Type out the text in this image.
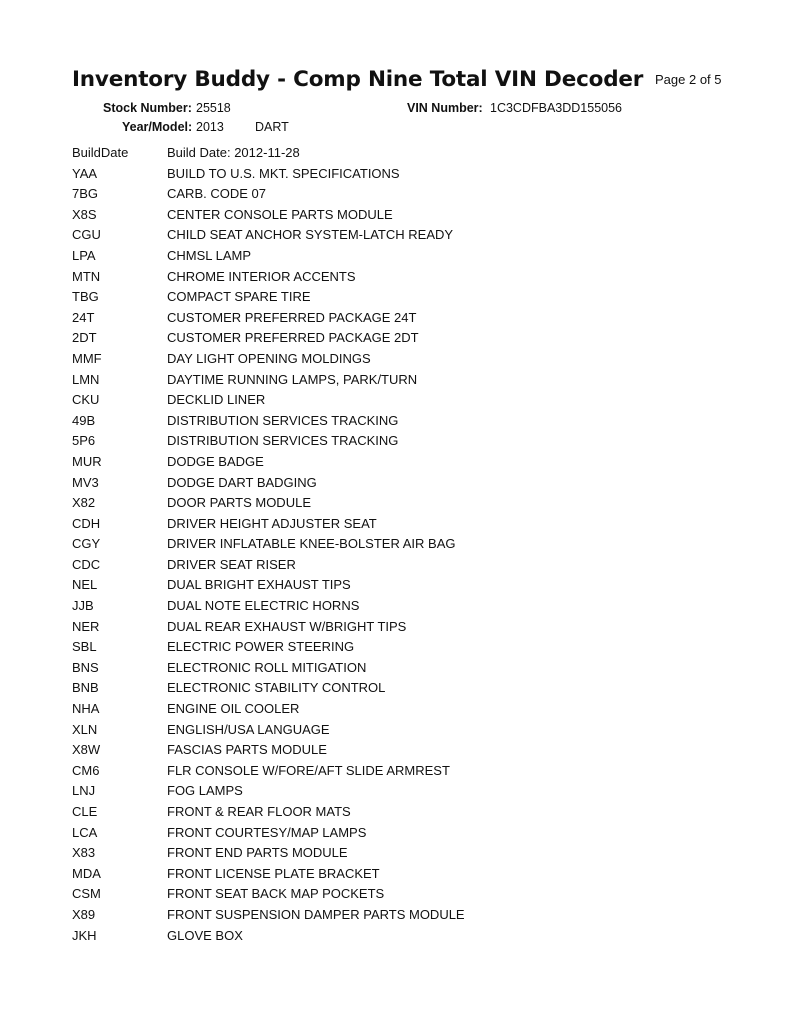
Inventory Buddy - Comp Nine Total VIN Decoder Page 2 of 5
Stock Number: 25518	VIN Number: 1C3CDFBA3DD155056
Year/Model: 2013 DART
BuildDate	Build Date: 2012-11-28
YAA	BUILD TO U.S. MKT. SPECIFICATIONS
7BG	CARB. CODE 07
X8S	CENTER CONSOLE PARTS MODULE
CGU	CHILD SEAT ANCHOR SYSTEM-LATCH READY
LPA	CHMSL LAMP
MTN	CHROME INTERIOR ACCENTS
TBG	COMPACT SPARE TIRE
24T	CUSTOMER PREFERRED PACKAGE 24T
2DT	CUSTOMER PREFERRED PACKAGE 2DT
MMF	DAY LIGHT OPENING MOLDINGS
LMN	DAYTIME RUNNING LAMPS, PARK/TURN
CKU	DECKLID LINER
49B	DISTRIBUTION SERVICES TRACKING
5P6	DISTRIBUTION SERVICES TRACKING
MUR	DODGE BADGE
MV3	DODGE DART BADGING
X82	DOOR PARTS MODULE
CDH	DRIVER HEIGHT ADJUSTER SEAT
CGY	DRIVER INFLATABLE KNEE-BOLSTER AIR BAG
CDC	DRIVER SEAT RISER
NEL	DUAL BRIGHT EXHAUST TIPS
JJB	DUAL NOTE ELECTRIC HORNS
NER	DUAL REAR EXHAUST W/BRIGHT TIPS
SBL	ELECTRIC POWER STEERING
BNS	ELECTRONIC ROLL MITIGATION
BNB	ELECTRONIC STABILITY CONTROL
NHA	ENGINE OIL COOLER
XLN	ENGLISH/USA LANGUAGE
X8W	FASCIAS PARTS MODULE
CM6	FLR CONSOLE W/FORE/AFT SLIDE ARMREST
LNJ	FOG LAMPS
CLE	FRONT & REAR FLOOR MATS
LCA	FRONT COURTESY/MAP LAMPS
X83	FRONT END PARTS MODULE
MDA	FRONT LICENSE PLATE BRACKET
CSM	FRONT SEAT BACK MAP POCKETS
X89	FRONT SUSPENSION DAMPER PARTS MODULE
JKH	GLOVE BOX
